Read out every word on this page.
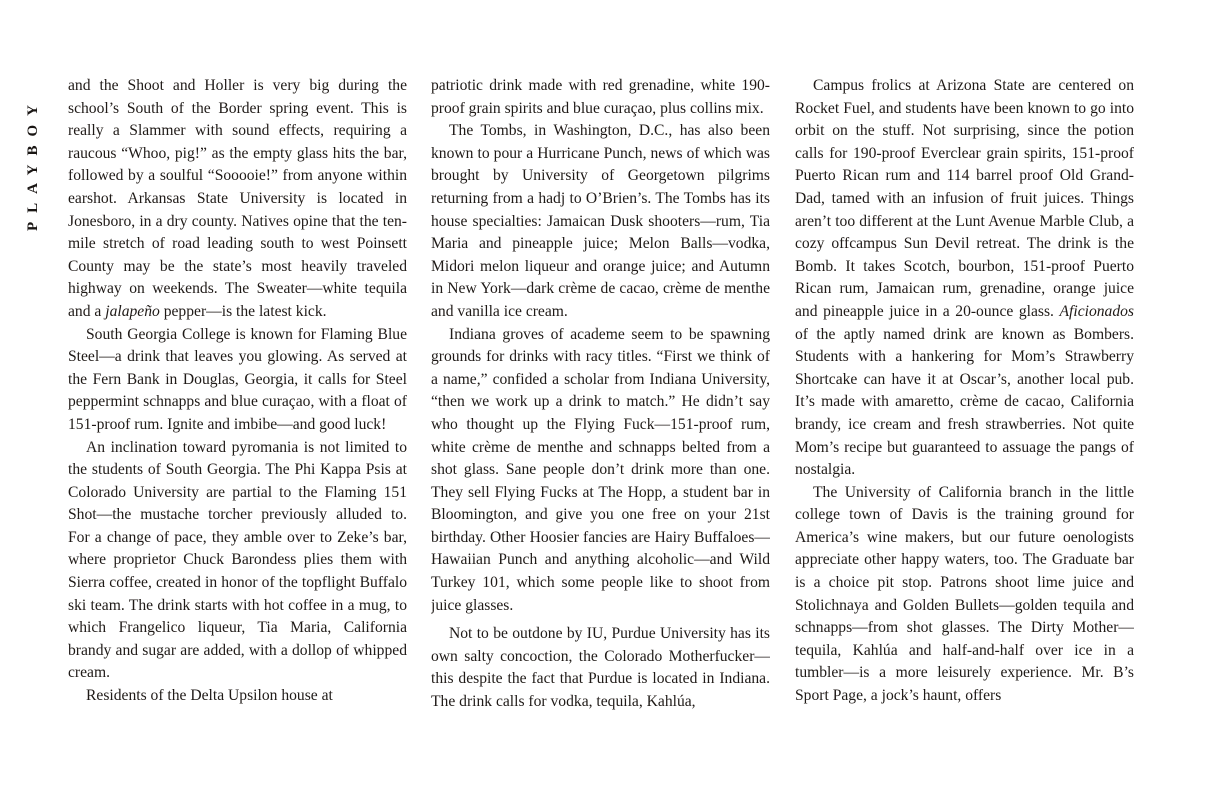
PLAYBOY

and the Shoot and Holler is very big during the school’s South of the Border spring event. This is really a Slammer with sound effects, requiring a raucous “Whoo, pig!” as the empty glass hits the bar, followed by a soulful “Sooooie!” from anyone within earshot. Arkansas State University is located in Jonesboro, in a dry county. Natives opine that the ten-mile stretch of road leading south to west Poinsett County may be the state’s most heavily traveled highway on weekends. The Sweater—white tequila and a jalapeño pepper—is the latest kick.

South Georgia College is known for Flaming Blue Steel—a drink that leaves you glowing. As served at the Fern Bank in Douglas, Georgia, it calls for Steel peppermint schnapps and blue curaçao, with a float of 151-proof rum. Ignite and imbibe—and good luck!

An inclination toward pyromania is not limited to the students of South Georgia. The Phi Kappa Psis at Colorado University are partial to the Flaming 151 Shot—the mustache torcher previously alluded to. For a change of pace, they amble over to Zeke’s bar, where proprietor Chuck Barondess plies them with Sierra coffee, created in honor of the topflight Buffalo ski team. The drink starts with hot coffee in a mug, to which Frangelico liqueur, Tia Maria, California brandy and sugar are added, with a dollop of whipped cream.

Residents of the Delta Upsilon house at

patriotic drink made with red grenadine, white 190-proof grain spirits and blue curaçao, plus collins mix.

The Tombs, in Washington, D.C., has also been known to pour a Hurricane Punch, news of which was brought by University of Georgetown pilgrims returning from a hadj to O’Brien’s. The Tombs has its house specialties: Jamaican Dusk shooters—rum, Tia Maria and pineapple juice; Melon Balls—vodka, Midori melon liqueur and orange juice; and Autumn in New York—dark crème de cacao, crème de menthe and vanilla ice cream.

Indiana groves of academe seem to be spawning grounds for drinks with racy titles. “First we think of a name,” confided a scholar from Indiana University, “then we work up a drink to match.” He didn’t say who thought up the Flying Fuck—151-proof rum, white crème de menthe and schnapps belted from a shot glass. Sane people don’t drink more than one. They sell Flying Fucks at The Hopp, a student bar in Bloomington, and give you one free on your 21st birthday. Other Hoosier fancies are Hairy Buffaloes—Hawaiian Punch and anything alcoholic—and Wild Turkey 101, which some people like to shoot from juice glasses.

Not to be outdone by IU, Purdue University has its own salty concoction, the Colorado Motherfucker—this despite the fact that Purdue is located in Indiana. The drink calls for vodka, tequila, Kahlúa,

Campus frolics at Arizona State are centered on Rocket Fuel, and students have been known to go into orbit on the stuff. Not surprising, since the potion calls for 190-proof Everclear grain spirits, 151-proof Puerto Rican rum and 114 barrel proof Old Grand-Dad, tamed with an infusion of fruit juices. Things aren’t too different at the Lunt Avenue Marble Club, a cozy offcampus Sun Devil retreat. The drink is the Bomb. It takes Scotch, bourbon, 151-proof Puerto Rican rum, Jamaican rum, grenadine, orange juice and pineapple juice in a 20-ounce glass. Aficionados of the aptly named drink are known as Bombers. Students with a hankering for Mom’s Strawberry Shortcake can have it at Oscar’s, another local pub. It’s made with amaretto, crème de cacao, California brandy, ice cream and fresh strawberries. Not quite Mom’s recipe but guaranteed to assuage the pangs of nostalgia.

The University of California branch in the little college town of Davis is the training ground for America’s wine makers, but our future oenologists appreciate other happy waters, too. The Graduate bar is a choice pit stop. Patrons shoot lime juice and Stolichnaya and Golden Bullets—golden tequila and schnapps—from shot glasses. The Dirty Mother—tequila, Kahlúa and half-and-half over ice in a tumbler—is a more leisurely experience. Mr. B’s Sport Page, a jock’s haunt, offers
